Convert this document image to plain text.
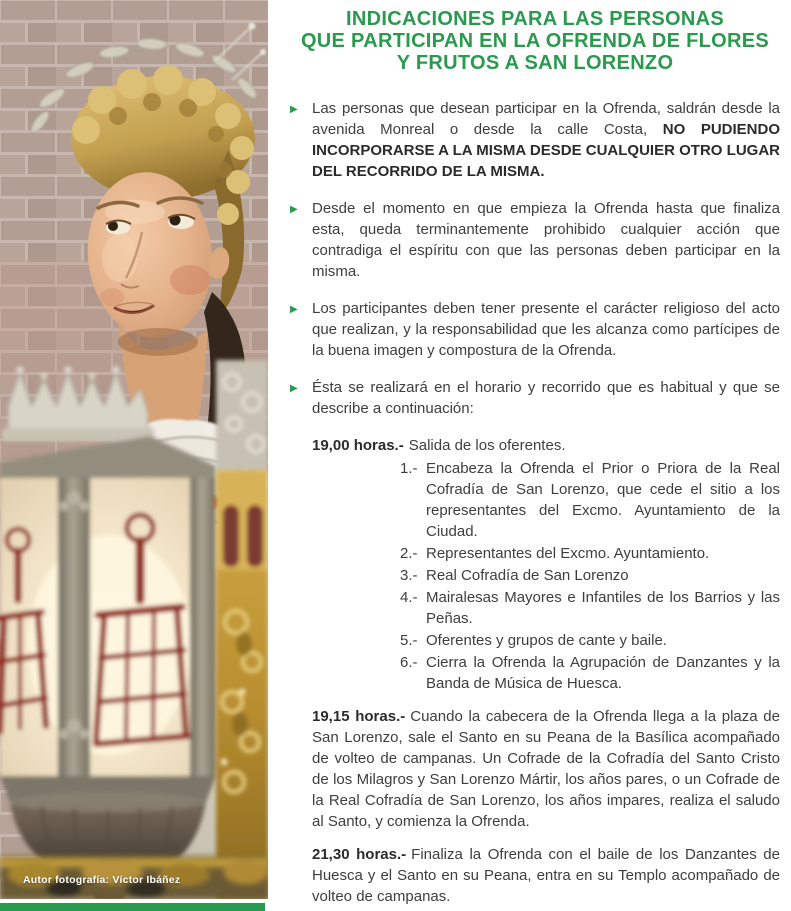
Autor fotografía: Víctor Ibáñez
INDICACIONES PARA LAS PERSONAS
QUE PARTICIPAN EN LA OFRENDA DE FLORES
Y FRUTOS A SAN LORENZO
▶ Las personas que desean participar en la Ofrenda, saldrán desde la avenida Monreal o desde la calle Costa, NO PUDIENDO INCORPORARSE A LA MISMA DESDE CUALQUIER OTRO LUGAR DEL RECORRIDO DE LA MISMA.

▶ Desde el momento en que empieza la Ofrenda hasta que finaliza esta, queda terminantemente prohibido cualquier acción que contradiga el espíritu con que las personas deben participar en la misma.

▶ Los participantes deben tener presente el carácter religioso del acto que realizan, y la responsabilidad que les alcanza como partícipes de la buena imagen y compostura de la Ofrenda.

▶ Ésta se realizará en el horario y recorrido que es habitual y que se describe a continuación:

19,00 horas.- Salida de los oferentes.

1.- Encabeza la Ofrenda el Prior o Priora de la Real Cofradía de San Lorenzo, que cede el sitio a los representantes del Excmo. Ayuntamiento de la Ciudad.
2.- Representantes del Excmo. Ayuntamiento.
3.- Real Cofradía de San Lorenzo
4.- Mairalesas Mayores e Infantiles de los Barrios y las Peñas.
5.- Oferentes y grupos de cante y baile.
6.- Cierra la Ofrenda la Agrupación de Danzantes y la Banda de Música de Huesca.

19,15 horas.- Cuando la cabecera de la Ofrenda llega a la plaza de San Lorenzo, sale el Santo en su Peana de la Basílica acompañado de volteo de campanas. Un Cofrade de la Cofradía del Santo Cristo de los Milagros y San Lorenzo Mártir, los años pares, o un Cofrade de la Real Cofradía de San Lorenzo, los años impares, realiza el saludo al Santo, y comienza la Ofrenda.

21,30 horas.- Finaliza la Ofrenda con el baile de los Danzantes de Huesca y el Santo en su Peana, entra en su Templo acompañado de volteo de campanas.
